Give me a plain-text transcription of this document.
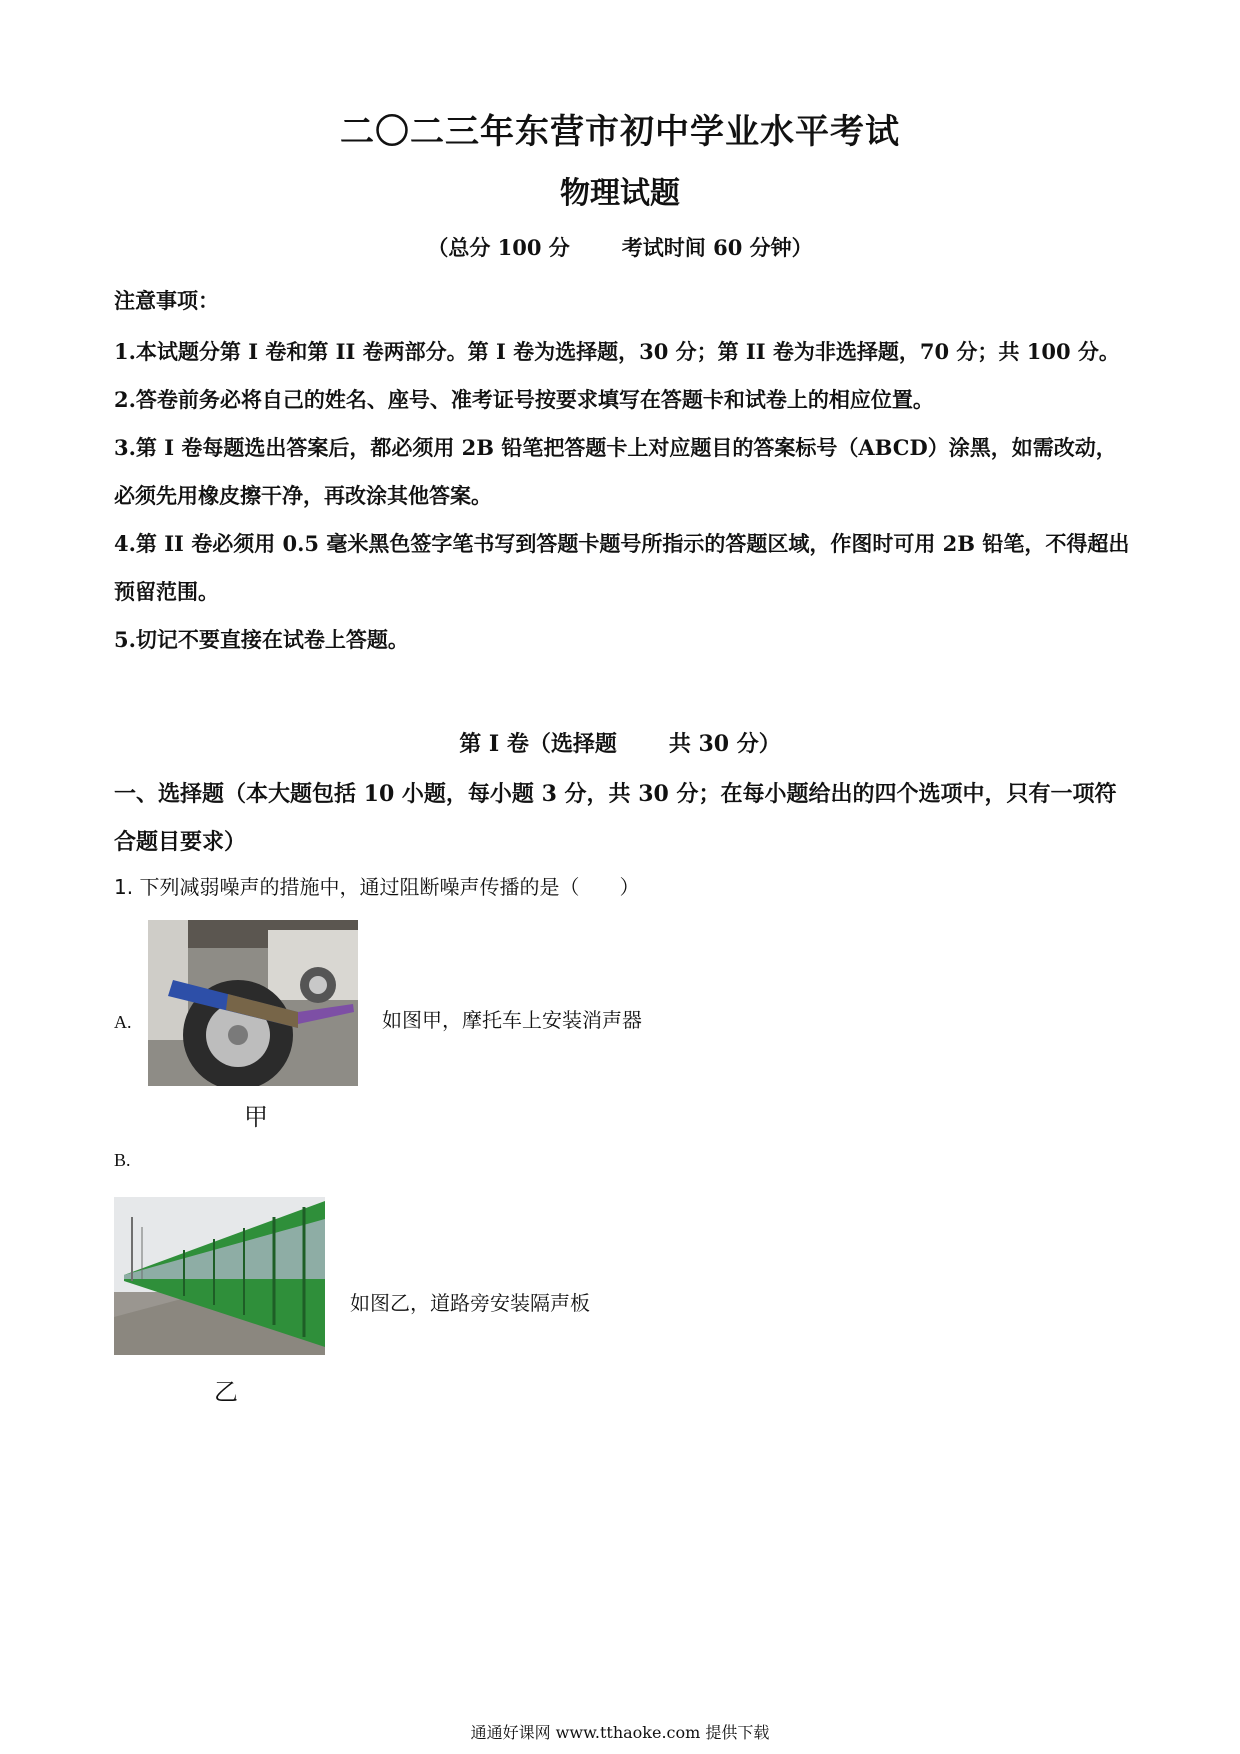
二〇二三年东营市初中学业水平考试
物理试题
（总分 100 分 考试时间 60 分钟）
注意事项：

1.本试题分第 I 卷和第 II 卷两部分。第 I 卷为选择题，30 分；第 II 卷为非选择题，70 分；共 100 分。

2.答卷前务必将自己的姓名、座号、准考证号按要求填写在答题卡和试卷上的相应位置。

3.第 I 卷每题选出答案后，都必须用 2B 铅笔把答题卡上对应题目的答案标号（ABCD）涂黑，如需改动，必须先用橡皮擦干净，再改涂其他答案。

4.第 II 卷必须用 0.5 毫米黑色签字笔书写到答题卡题号所指示的答题区域，作图时可用 2B 铅笔，不得超出预留范围。

5.切记不要直接在试卷上答题。

第 I 卷（选择题 共 30 分）
一、选择题（本大题包括 10 小题，每小题 3 分，共 30 分；在每小题给出的四个选项中，只有一项符合题目要求）
1. 下列减弱噪声的措施中，通过阻断噪声传播的是（　　）
A.	如图甲，摩托车上安装消声器
甲
B.
如图乙，道路旁安装隔声板
乙
通通好课网 www.tthaoke.com 提供下载
